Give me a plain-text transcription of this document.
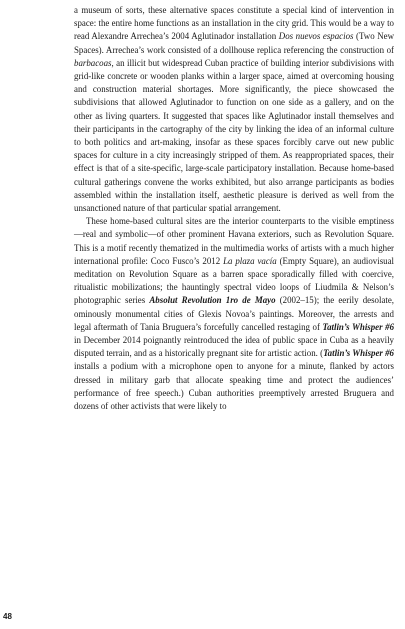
a museum of sorts, these alternative spaces constitute a special kind of intervention in space: the entire home functions as an installation in the city grid. This would be a way to read Alexandre Arrechea’s 2004 Aglutinador installation Dos nuevos espacios (Two New Spaces). Arrechea’s work consisted of a dollhouse replica referencing the construction of barbacoas, an illicit but widespread Cuban practice of building interior subdivisions with grid-like concrete or wooden planks within a larger space, aimed at overcoming housing and construction material shortages. More significantly, the piece showcased the subdivisions that allowed Aglutinador to function on one side as a gallery, and on the other as living quarters. It suggested that spaces like Aglutinador install themselves and their participants in the cartography of the city by linking the idea of an informal culture to both politics and art-making, insofar as these spaces forcibly carve out new public spaces for culture in a city increasingly stripped of them. As reappropriated spaces, their effect is that of a site-specific, large-scale participatory installation. Because home-based cultural gatherings convene the works exhibited, but also arrange participants as bodies assembled within the installation itself, aesthetic pleasure is derived as well from the unsanctioned nature of that particular spatial arrangement.

These home-based cultural sites are the interior counterparts to the visible emptiness—real and symbolic—of other prominent Havana exteriors, such as Revolution Square. This is a motif recently thematized in the multimedia works of artists with a much higher international profile: Coco Fusco’s 2012 La plaza vacía (Empty Square), an audiovisual meditation on Revolution Square as a barren space sporadically filled with coercive, ritualistic mobilizations; the hauntingly spectral video loops of Liudmila & Nelson’s photographic series Absolut Revolution 1ro de Mayo (2002–15); the eerily desolate, ominously monumental cities of Glexis Novoa’s paintings. Moreover, the arrests and legal aftermath of Tania Bruguera’s forcefully cancelled restaging of Tatlin’s Whisper #6 in December 2014 poignantly reintroduced the idea of public space in Cuba as a heavily disputed terrain, and as a historically pregnant site for artistic action. (Tatlin’s Whisper #6 installs a podium with a microphone open to anyone for a minute, flanked by actors dressed in military garb that allocate speaking time and protect the audiences’ performance of free speech.) Cuban authorities preemptively arrested Bruguera and dozens of other activists that were likely to

48
